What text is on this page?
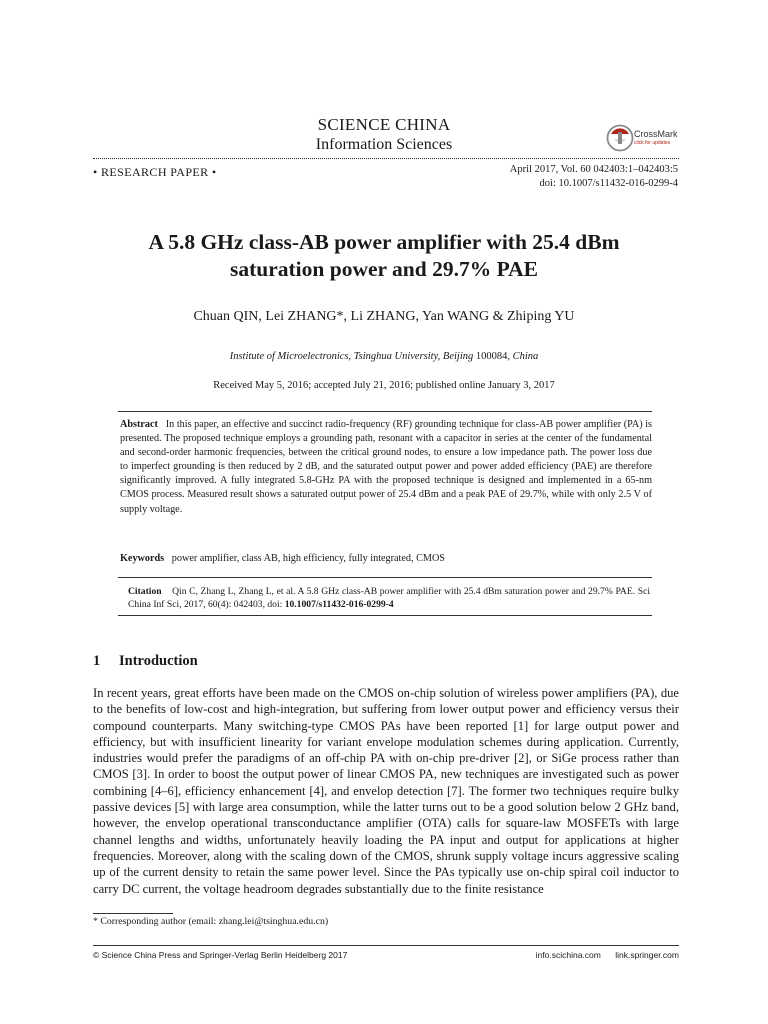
SCIENCE CHINA
Information Sciences
CrossMark
click for updates
• RESEARCH PAPER •	April 2017, Vol. 60 042403:1–042403:5
doi: 10.1007/s11432-016-0299-4
A 5.8 GHz class-AB power amplifier with 25.4 dBm
saturation power and 29.7% PAE
Chuan QIN, Lei ZHANG*, Li ZHANG, Yan WANG & Zhiping YU
Institute of Microelectronics, Tsinghua University, Beijing 100084, China
Received May 5, 2016; accepted July 21, 2016; published online January 3, 2017
Abstract In this paper, an effective and succinct radio-frequency (RF) grounding technique for class-AB power amplifier (PA) is presented. The proposed technique employs a grounding path, resonant with a capacitor in series at the center of the fundamental and second-order harmonic frequencies, between the critical ground nodes, to ensure a low impedance path. The power loss due to imperfect grounding is then reduced by 2 dB, and the saturated output power and power added efficiency (PAE) are therefore significantly improved. A fully integrated 5.8-GHz PA with the proposed technique is designed and implemented in a 65-nm CMOS process. Measured result shows a saturated output power of 25.4 dBm and a peak PAE of 29.7%, while with only 2.5 V of supply voltage.
Keywords power amplifier, class AB, high efficiency, fully integrated, CMOS
Citation Qin C, Zhang L, Zhang L, et al. A 5.8 GHz class-AB power amplifier with 25.4 dBm saturation power and 29.7% PAE. Sci China Inf Sci, 2017, 60(4): 042403, doi: 10.1007/s11432-016-0299-4
1 Introduction

In recent years, great efforts have been made on the CMOS on-chip solution of wireless power amplifiers (PA), due to the benefits of low-cost and high-integration, but suffering from lower output power and efficiency versus their compound counterparts. Many switching-type CMOS PAs have been reported [1] for large output power and efficiency, but with insufficient linearity for variant envelope modulation schemes during application. Currently, industries would prefer the paradigms of an off-chip PA with on-chip pre-driver [2], or SiGe process rather than CMOS [3]. In order to boost the output power of linear CMOS PA, new techniques are investigated such as power combining [4–6], efficiency enhancement [4], and envelop detection [7]. The former two techniques require bulky passive devices [5] with large area consumption, while the latter turns out to be a good solution below 2 GHz band, however, the envelop operational transconductance amplifier (OTA) calls for square-law MOSFETs with large channel lengths and widths, unfortunately heavily loading the PA input and output for applications at higher frequencies. Moreover, along with the scaling down of the CMOS, shrunk supply voltage incurs aggressive scaling up of the current density to retain the same power level. Since the PAs typically use on-chip spiral coil inductor to carry DC current, the voltage headroom degrades substantially due to the finite resistance

* Corresponding author (email: zhang.lei@tsinghua.edu.cn)
© Science China Press and Springer-Verlag Berlin Heidelberg 2017	info.scichina.com link.springer.com
